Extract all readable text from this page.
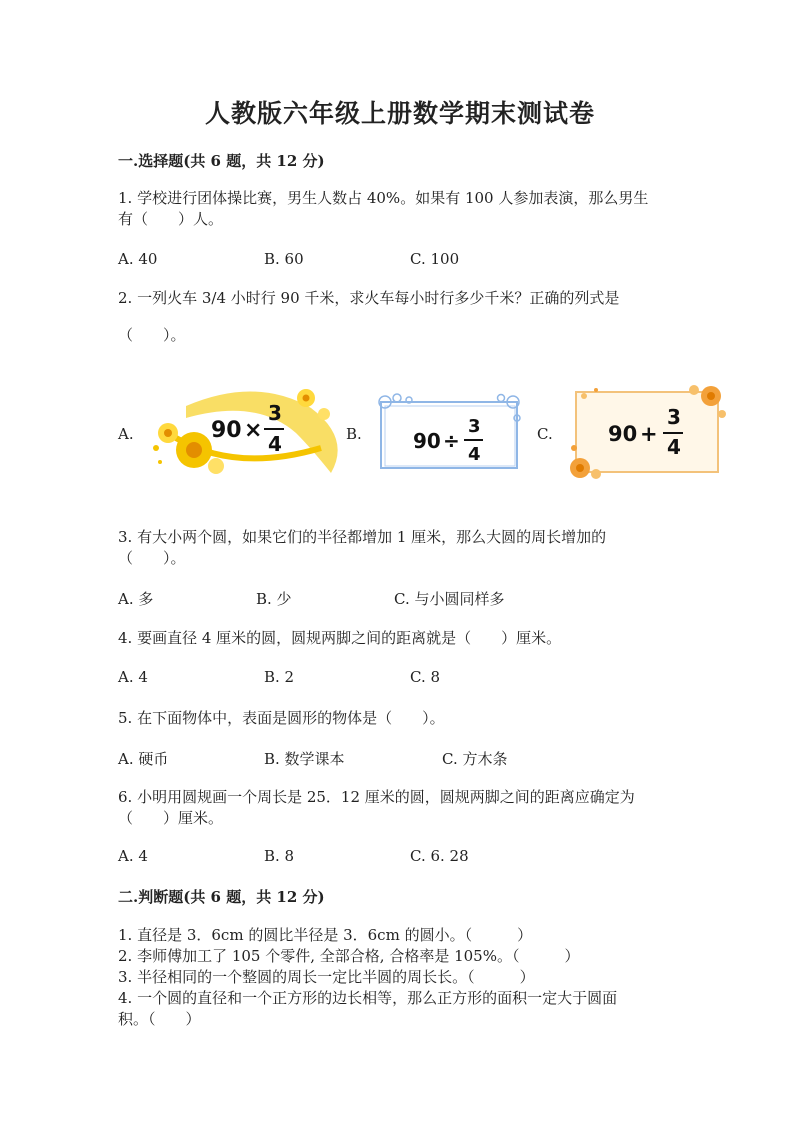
人教版六年级上册数学期末测试卷
一.选择题(共 6 题，共 12 分)
1. 学校进行团体操比赛，男生人数占 40%。如果有 100 人参加表演，那么男生
有（　　）人。
A. 40	B. 60	C. 100
2. 一列火车 3/4 小时行 90 千米，求火车每小时行多少千米？正确的列式是
（　　）。
A.	B.	C.
90 ×
3
4	90 ÷
3
4
90 +
3
4
3. 有大小两个圆，如果它们的半径都增加 1 厘米，那么大圆的周长增加的
（　　）。
A. 多	B. 少	C. 与小圆同样多
4. 要画直径 4 厘米的圆，圆规两脚之间的距离就是（　　）厘米。
A. 4	B. 2	C. 8
5. 在下面物体中，表面是圆形的物体是（　　）。
A. 硬币	B. 数学课本	C. 方木条
6. 小明用圆规画一个周长是 25．12 厘米的圆，圆规两脚之间的距离应确定为
（　　）厘米。
A. 4	B. 8	C. 6. 28
二.判断题(共 6 题，共 12 分)
1. 直径是 3．6cm 的圆比半径是 3．6cm 的圆小。（　　　）
2. 李师傅加工了 105 个零件, 全部合格, 合格率是 105%。（　　　）
3. 半径相同的一个整圆的周长一定比半圆的周长长。（　　　）
4. 一个圆的直径和一个正方形的边长相等，那么正方形的面积一定大于圆面
积。（　　）
